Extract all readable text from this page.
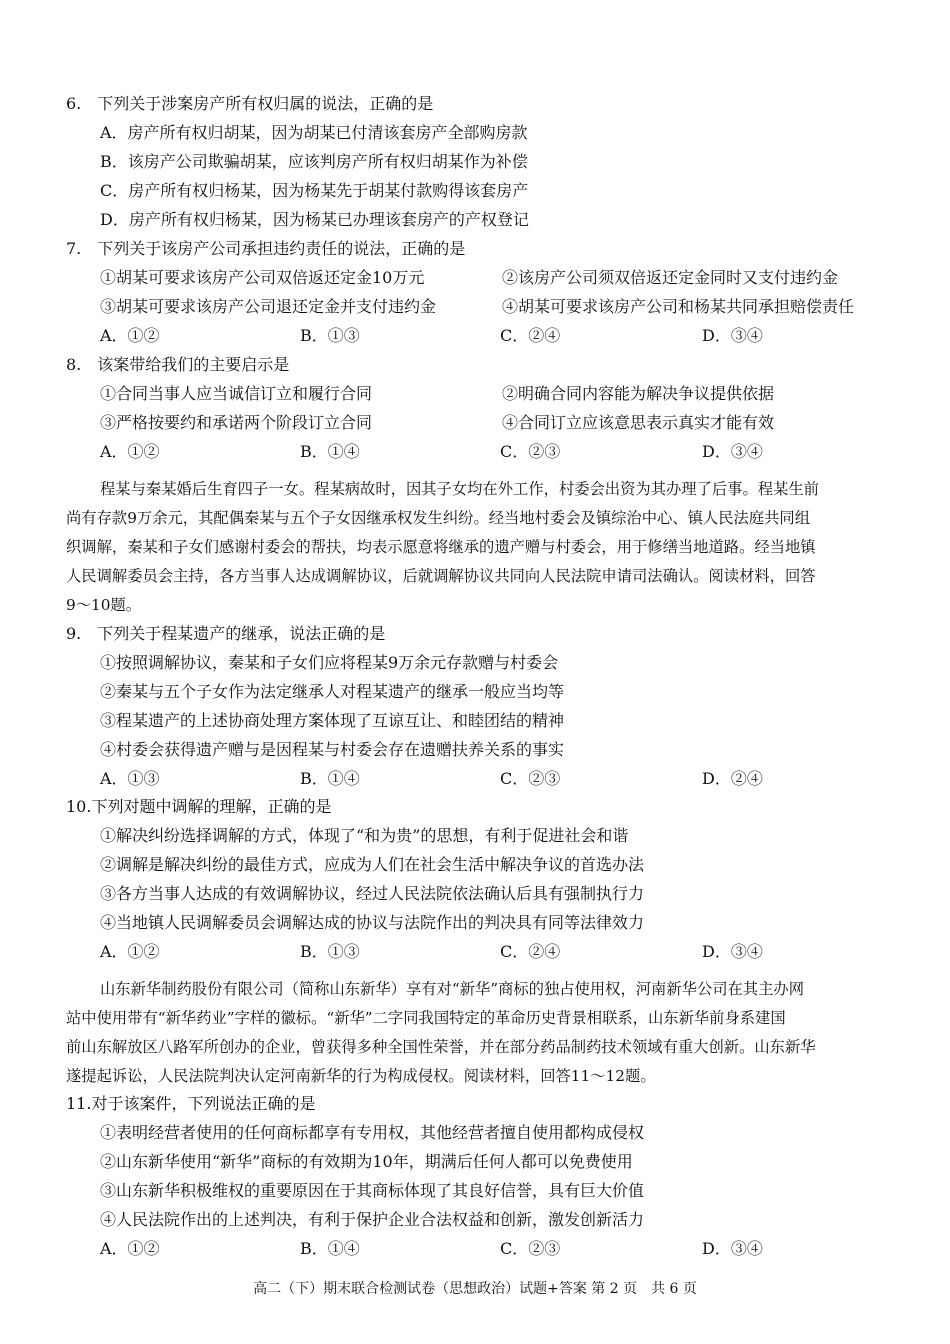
6.　下列关于涉案房产所有权归属的说法，正确的是
A．房产所有权归胡某，因为胡某已付清该套房产全部购房款
B．该房产公司欺骗胡某，应该判房产所有权归胡某作为补偿
C．房产所有权归杨某，因为杨某先于胡某付款购得该套房产
D．房产所有权归杨某，因为杨某已办理该套房产的产权登记
7.　下列关于该房产公司承担违约责任的说法，正确的是
①胡某可要求该房产公司双倍返还定金10万元	②该房产公司须双倍返还定金同时又支付违约金
③胡某可要求该房产公司退还定金并支付违约金	④胡某可要求该房产公司和杨某共同承担赔偿责任
A．①②	B．①③	C．②④	D．③④
8.　该案带给我们的主要启示是
①合同当事人应当诚信订立和履行合同	②明确合同内容能为解决争议提供依据
③严格按要约和承诺两个阶段订立合同	④合同订立应该意思表示真实才能有效
A．①②	B．①④	C．②③	D．③④
程某与秦某婚后生育四子一女。程某病故时，因其子女均在外工作，村委会出资为其办理了后事。程某生前
尚有存款9万余元，其配偶秦某与五个子女因继承权发生纠纷。经当地村委会及镇综治中心、镇人民法庭共同组
织调解，秦某和子女们感谢村委会的帮扶，均表示愿意将继承的遗产赠与村委会，用于修缮当地道路。经当地镇
人民调解委员会主持，各方当事人达成调解协议，后就调解协议共同向人民法院申请司法确认。阅读材料，回答
9～10题。
9.　下列关于程某遗产的继承，说法正确的是
①按照调解协议，秦某和子女们应将程某9万余元存款赠与村委会
②秦某与五个子女作为法定继承人对程某遗产的继承一般应当均等
③程某遗产的上述协商处理方案体现了互谅互让、和睦团结的精神
④村委会获得遗产赠与是因程某与村委会存在遗赠扶养关系的事实
A．①③	B．①④	C．②③	D．②④
10.下列对题中调解的理解，正确的是
①解决纠纷选择调解的方式，体现了“和为贵”的思想，有利于促进社会和谐
②调解是解决纠纷的最佳方式，应成为人们在社会生活中解决争议的首选办法
③各方当事人达成的有效调解协议，经过人民法院依法确认后具有强制执行力
④当地镇人民调解委员会调解达成的协议与法院作出的判决具有同等法律效力
A．①②	B．①③	C．②④	D．③④
山东新华制药股份有限公司（简称山东新华）享有对“新华”商标的独占使用权，河南新华公司在其主办网
站中使用带有“新华药业”字样的徽标。“新华”二字同我国特定的革命历史背景相联系，山东新华前身系建国
前山东解放区八路军所创办的企业，曾获得多种全国性荣誉，并在部分药品制药技术领域有重大创新。山东新华
遂提起诉讼，人民法院判决认定河南新华的行为构成侵权。阅读材料，回答11～12题。
11.对于该案件，下列说法正确的是
①表明经营者使用的任何商标都享有专用权，其他经营者擅自使用都构成侵权
②山东新华使用“新华”商标的有效期为10年，期满后任何人都可以免费使用
③山东新华积极维权的重要原因在于其商标体现了其良好信誉，具有巨大价值
④人民法院作出的上述判决，有利于保护企业合法权益和创新，激发创新活力
A．①②	B．①④	C．②③	D．③④
高二（下）期末联合检测试卷（思想政治）试题+答案 第 2 页　共 6 页
